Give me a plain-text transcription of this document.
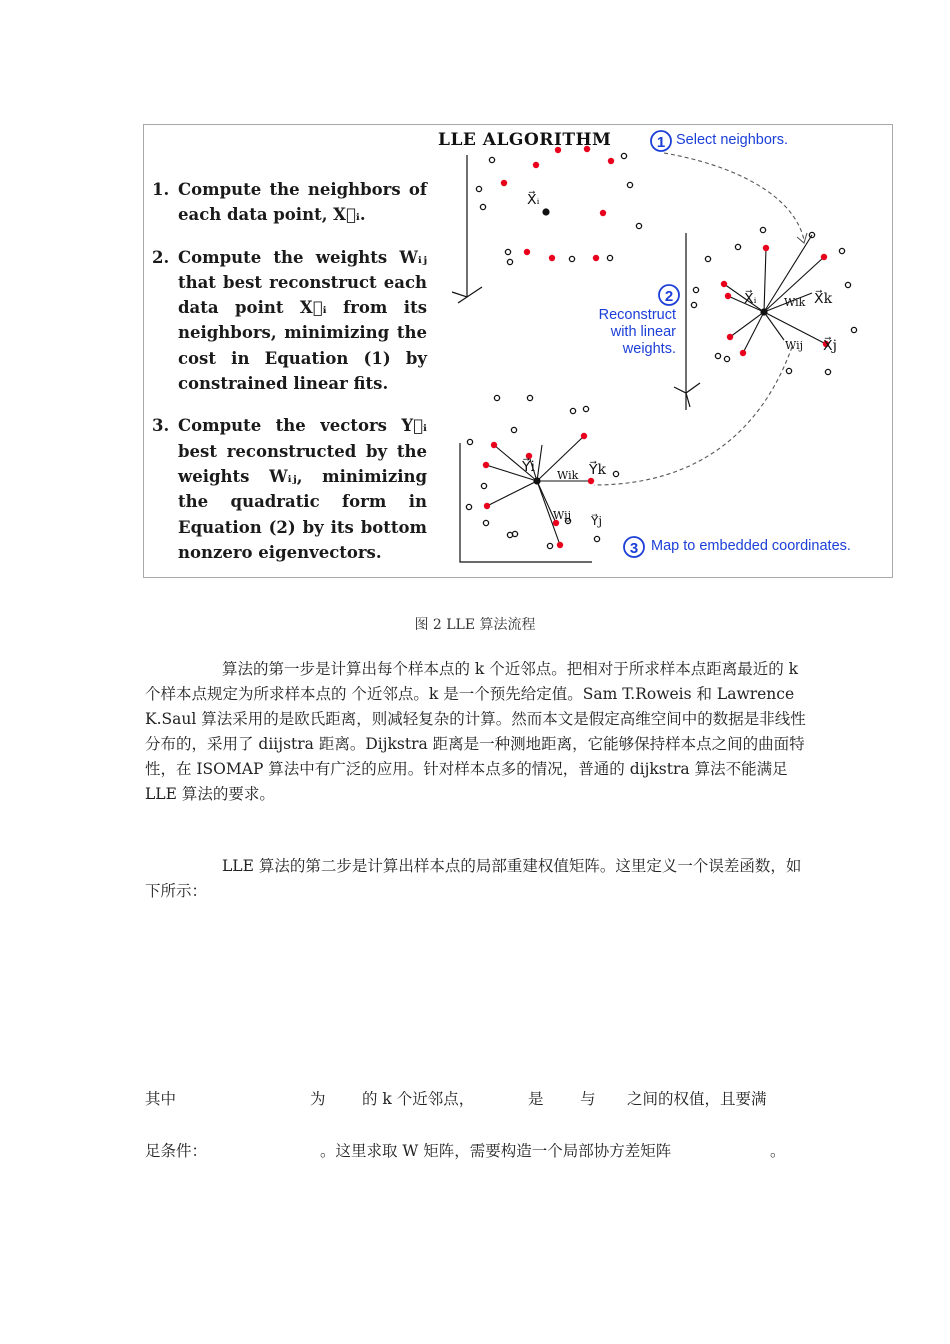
X⃗ᵢ
X⃗ᵢ	X⃗k
X⃗j
Wik
Wij
Y⃗i	Y⃗k
Y⃗j
Wik
Wij
1
2
3
LLE ALGORITHM
1. Compute the neighbors of each data point, X⃗ᵢ.
2. Compute the weights Wᵢⱼ that best reconstruct each data point X⃗ᵢ from its neighbors, minimizing the cost in Equation (1) by constrained linear fits.
3. Compute the vectors Y⃗ᵢ best reconstructed by the weights Wᵢⱼ, minimizing the quadratic form in Equation (2) by its bottom nonzero eigenvectors.
Select neighbors.
Reconstruct
with linear
weights.
Map to embedded coordinates.
图 2 LLE 算法流程
算法的第一步是计算出每个样本点的 k 个近邻点。把相对于所求样本点距离最近的 k 个样本点规定为所求样本点的 个近邻点。k 是一个预先给定值。Sam T.Roweis 和 Lawrence K.Saul 算法采用的是欧氏距离，则减轻复杂的计算。然而本文是假定高维空间中的数据是非线性分布的，采用了 diijstra 距离。Dijkstra 距离是一种测地距离，它能够保持样本点之间的曲面特性，在 ISOMAP 算法中有广泛的应用。针对样本点多的情况，普通的 dijkstra 算法不能满足 LLE 算法的要求。
LLE 算法的第二步是计算出样本点的局部重建权值矩阵。这里定义一个误差函数，如下所示：
其中	为 的 k 个近邻点，	是 与 之间的权值，且要满
足条件：	。这里求取 W 矩阵，需要构造一个局部协方差矩阵	。
